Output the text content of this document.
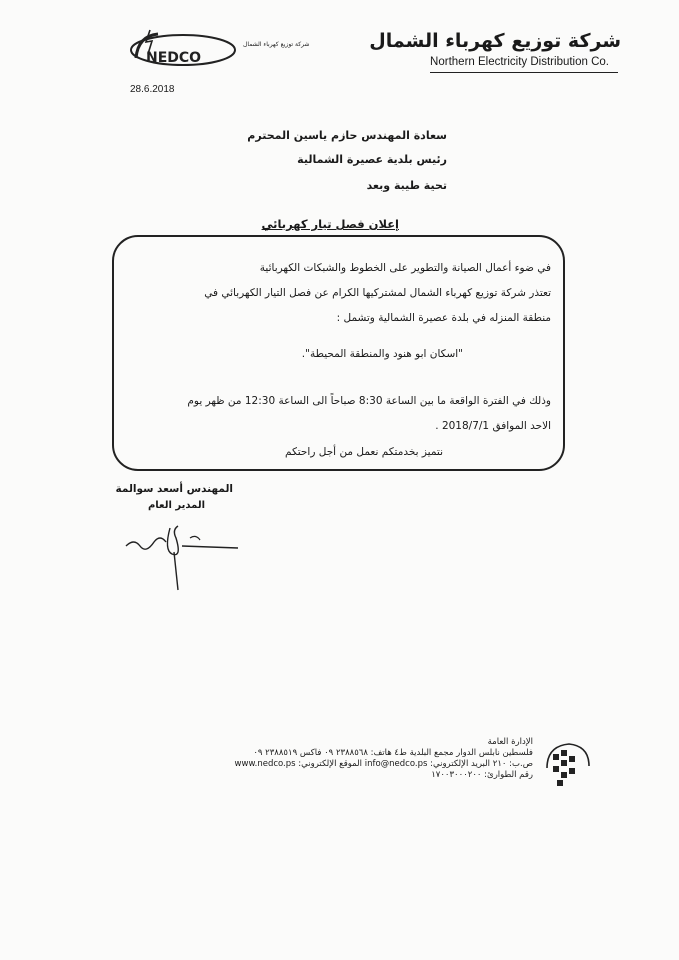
NEDCO
شركة توزيع كهرباء الشمال	شركة توزيع كهرباء الشمال
Northern Electricity Distribution Co.
28.6.2018
سعادة المهندس حازم ياسين المحترم
رئيس بلدية عصيرة الشمالية
تحية طيبة وبعد
إعلان فصل تيار كهربائي
في ضوء أعمال الصيانة والتطوير على الخطوط والشبكات الكهربائية
تعتذر شركة توزيع كهرباء الشمال لمشتركيها الكرام عن فصل التيار الكهربائي في
منطقة المنزله في بلدة عصيرة الشمالية وتشمل :
"اسكان ابو هنود والمنطقة المحيطة".
وذلك في الفترة الواقعة ما بين الساعة 8:30 صباحاً الى الساعة 12:30 من ظهر يوم
الاحد الموافق 2018/7/1 .
نتميز بخدمتكم نعمل من أجل راحتكم
المهندس أسعد سوالمة
المدير العام
الإدارة العامة
فلسطين نابلس الدوار مجمع البلدية ط٤ هاتف: ٢٣٨٨٥٦٨ ٠٩ فاكس ٢٣٨٨٥١٩ ٠٩
ص.ب: ٢١٠ البريد الإلكتروني: info@nedco.ps الموقع الإلكتروني: www.nedco.ps
رقم الطوارئ: ١٧٠٠٣٠٠٠٢٠٠
